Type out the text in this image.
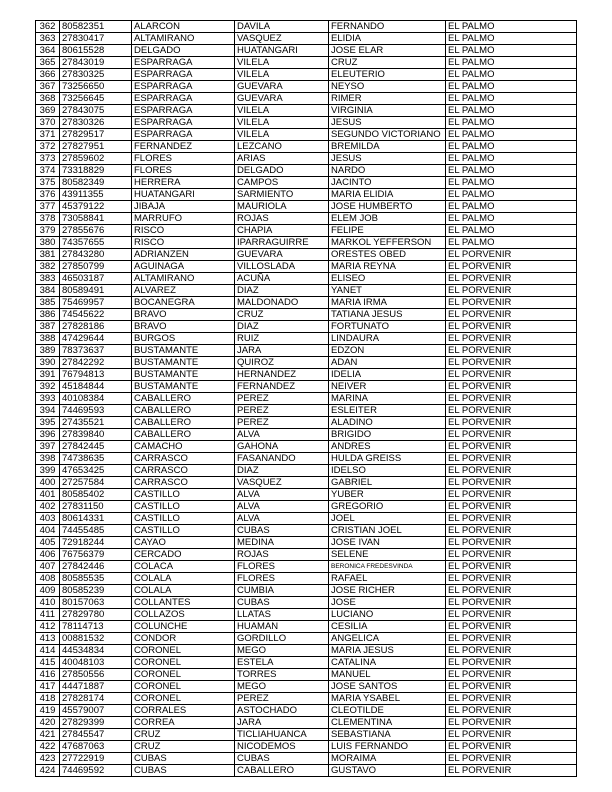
362	80582351	ALARCON	DAVILA	FERNANDO	EL PALMO
363	27830417	ALTAMIRANO	VASQUEZ	ELIDIA	EL PALMO
364	80615528	DELGADO	HUATANGARI	JOSE ELAR	EL PALMO
365	27843019	ESPARRAGA	VILELA	CRUZ	EL PALMO
366	27830325	ESPARRAGA	VILELA	ELEUTERIO	EL PALMO
367	73256650	ESPARRAGA	GUEVARA	NEYSO	EL PALMO
368	73256645	ESPARRAGA	GUEVARA	RIMER	EL PALMO
369	27843075	ESPARRAGA	VILELA	VIRGINIA	EL PALMO
370	27830326	ESPARRAGA	VILELA	JESUS	EL PALMO
371	27829517	ESPARRAGA	VILELA	SEGUNDO VICTORIANO	EL PALMO
372	27827951	FERNANDEZ	LEZCANO	BREMILDA	EL PALMO
373	27859602	FLORES	ARIAS	JESUS	EL PALMO
374	73318829	FLORES	DELGADO	NARDO	EL PALMO
375	80582349	HERRERA	CAMPOS	JACINTO	EL PALMO
376	43911355	HUATANGARI	SARMIENTO	MARIA ELIDIA	EL PALMO
377	45379122	JIBAJA	MAURIOLA	JOSE HUMBERTO	EL PALMO
378	73058841	MARRUFO	ROJAS	ELEM JOB	EL PALMO
379	27855676	RISCO	CHAPIA	FELIPE	EL PALMO
380	74357655	RISCO	IPARRAGUIRRE	MARKOL YEFFERSON	EL PALMO
381	27843280	ADRIANZEN	GUEVARA	ORESTES OBED	EL PORVENIR
382	27850799	AGUINAGA	VILLOSLADA	MARIA REYNA	EL PORVENIR
383	46503187	ALTAMIRANO	ACUÑA	ELISEO	EL PORVENIR
384	80589491	ALVAREZ	DIAZ	YANET	EL PORVENIR
385	75469957	BOCANEGRA	MALDONADO	MARIA IRMA	EL PORVENIR
386	74545622	BRAVO	CRUZ	TATIANA JESUS	EL PORVENIR
387	27828186	BRAVO	DIAZ	FORTUNATO	EL PORVENIR
388	47429644	BURGOS	RUIZ	LINDAURA	EL PORVENIR
389	78373637	BUSTAMANTE	JARA	EDZON	EL PORVENIR
390	27842292	BUSTAMANTE	QUIROZ	ADAN	EL PORVENIR
391	76794813	BUSTAMANTE	HERNANDEZ	IDELIA	EL PORVENIR
392	45184844	BUSTAMANTE	FERNANDEZ	NEIVER	EL PORVENIR
393	40108384	CABALLERO	PEREZ	MARINA	EL PORVENIR
394	74469593	CABALLERO	PEREZ	ESLEITER	EL PORVENIR
395	27435521	CABALLERO	PEREZ	ALADINO	EL PORVENIR
396	27839840	CABALLERO	ALVA	BRIGIDO	EL PORVENIR
397	27842445	CAMACHO	GAHONA	ANDRES	EL PORVENIR
398	74738635	CARRASCO	FASANANDO	HULDA GREISS	EL PORVENIR
399	47653425	CARRASCO	DIAZ	IDELSO	EL PORVENIR
400	27257584	CARRASCO	VASQUEZ	GABRIEL	EL PORVENIR
401	80585402	CASTILLO	ALVA	YUBER	EL PORVENIR
402	27831150	CASTILLO	ALVA	GREGORIO	EL PORVENIR
403	80614331	CASTILLO	ALVA	JOEL	EL PORVENIR
404	74455485	CASTILLO	CUBAS	CRISTIAN JOEL	EL PORVENIR
405	72918244	CAYAO	MEDINA	JOSE IVAN	EL PORVENIR
406	76756379	CERCADO	ROJAS	SELENE	EL PORVENIR
407	27842446	COLACA	FLORES	BERONICA FREDESVINDA	EL PORVENIR
408	80585535	COLALA	FLORES	RAFAEL	EL PORVENIR
409	80585239	COLALA	CUMBIA	JOSE RICHER	EL PORVENIR
410	80157063	COLLANTES	CUBAS	JOSE	EL PORVENIR
411	27829780	COLLAZOS	LLATAS	LUCIANO	EL PORVENIR
412	78114713	COLUNCHE	HUAMAN	CESILIA	EL PORVENIR
413	00881532	CONDOR	GORDILLO	ANGELICA	EL PORVENIR
414	44534834	CORONEL	MEGO	MARIA JESUS	EL PORVENIR
415	40048103	CORONEL	ESTELA	CATALINA	EL PORVENIR
416	27850556	CORONEL	TORRES	MANUEL	EL PORVENIR
417	44471887	CORONEL	MEGO	JOSE SANTOS	EL PORVENIR
418	27828174	CORONEL	PEREZ	MARIA YSABEL	EL PORVENIR
419	45579007	CORRALES	ASTOCHADO	CLEOTILDE	EL PORVENIR
420	27829399	CORREA	JARA	CLEMENTINA	EL PORVENIR
421	27845547	CRUZ	TICLIAHUANCA	SEBASTIANA	EL PORVENIR
422	47687063	CRUZ	NICODEMOS	LUIS FERNANDO	EL PORVENIR
423	27722919	CUBAS	CUBAS	MORAIMA	EL PORVENIR
424	74469592	CUBAS	CABALLERO	GUSTAVO	EL PORVENIR
